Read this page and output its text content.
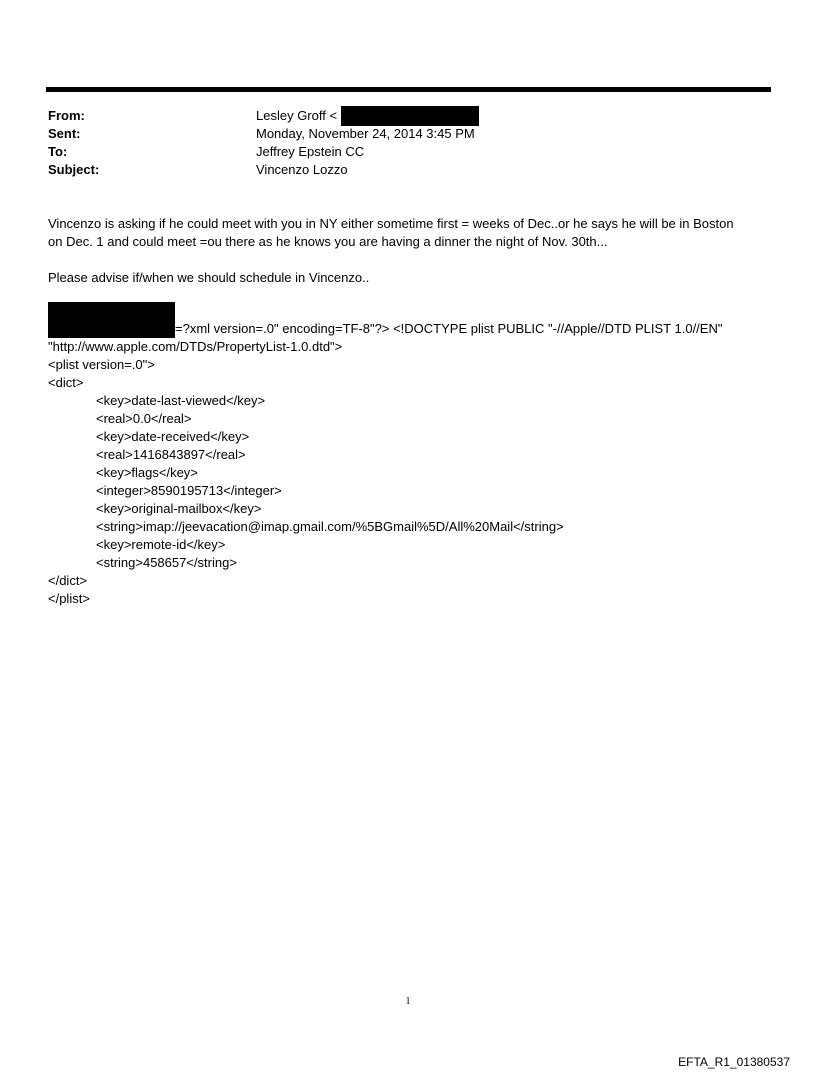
From:	Lesley Groff <
Sent:	Monday, November 24, 2014 3:45 PM
To:	Jeffrey Epstein CC
Subject:	Vincenzo Lozzo
Vincenzo is asking if he could meet with you in NY either sometime first = weeks of Dec..or he says he will be in Boston
on Dec. 1 and could meet =ou there as he knows you are having a dinner the night of Nov. 30th...
Please advise if/when we should schedule in Vincenzo..
=?xml version=.0" encoding=TF-8"?> <!DOCTYPE plist PUBLIC "-//Apple//DTD PLIST 1.0//EN"
"http://www.apple.com/DTDs/PropertyList-1.0.dtd">
<plist version=.0">
<dict>
<key>date-last-viewed</key>
<real>0.0</real>
<key>date-received</key>
<real>1416843897</real>
<key>flags</key>
<integer>8590195713</integer>
<key>original-mailbox</key>
<string>imap://jeevacation@imap.gmail.com/%5BGmail%5D/All%20Mail</string>
<key>remote-id</key>
<string>458657</string>
</dict>
</plist>
1
EFTA_R1_01380537
